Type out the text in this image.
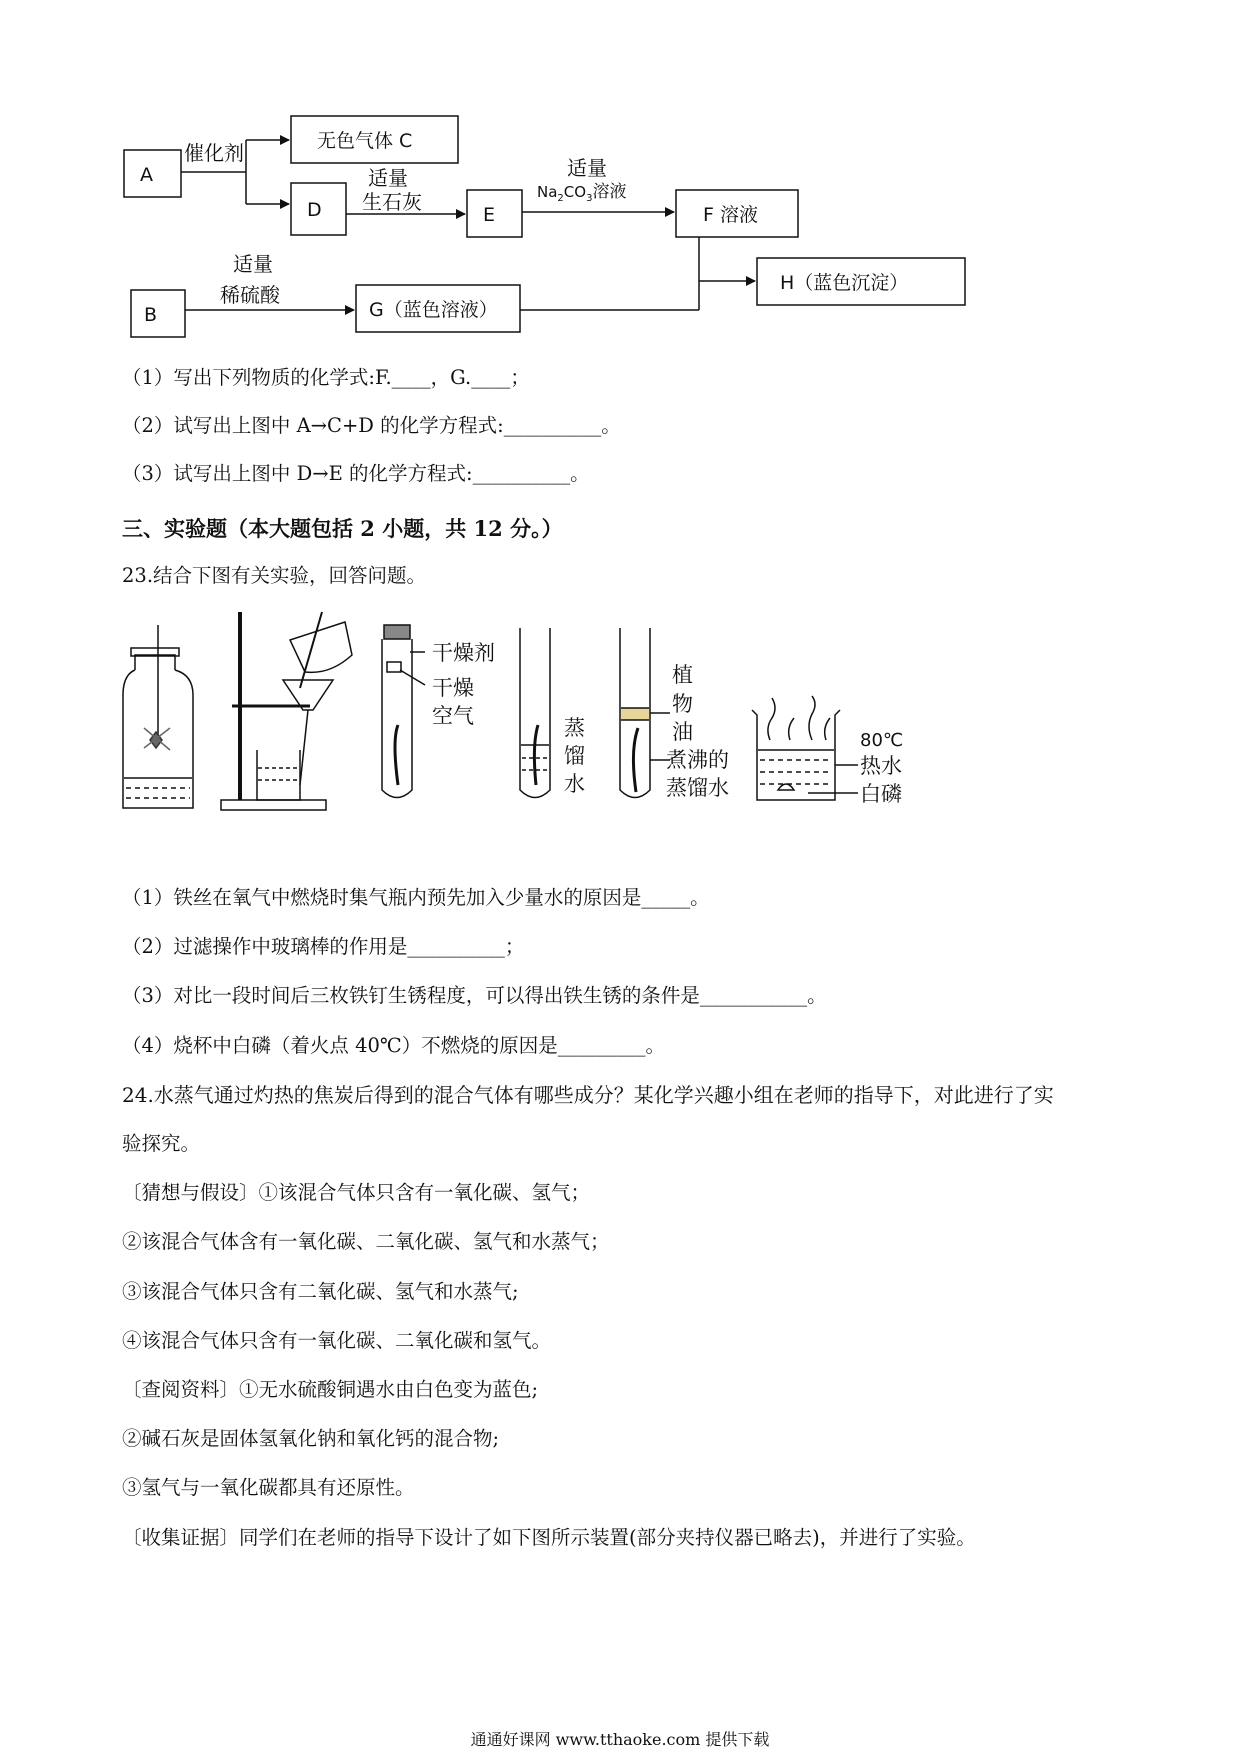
A
无色气体 C
D	E	F 溶液
H（蓝色沉淀）
B	G（蓝色溶液）
催化剂
适量
生石灰
适量
$Na_2CO_3$溶液
适量
稀硫酸
（1）写出下列物质的化学式:F.____，G.____；
（2）试写出上图中 A→C+D 的化学方程式:__________。
（3）试写出上图中 D→E 的化学方程式:__________。
三、实验题（本大题包括 2 小题，共 12 分。）
23.结合下图有关实验，回答问题。
干燥剂
干燥
空气	蒸
馏
水
植
物
油
煮沸的
蒸馏水
80℃
热水
白磷
（1）铁丝在氧气中燃烧时集气瓶内预先加入少量水的原因是_____。
（2）过滤操作中玻璃棒的作用是__________；
（3）对比一段时间后三枚铁钉生锈程度，可以得出铁生锈的条件是___________。
（4）烧杯中白磷（着火点 40℃）不燃烧的原因是_________。
24.水蒸气通过灼热的焦炭后得到的混合气体有哪些成分？某化学兴趣小组在老师的指导下，对此进行了实
验探究。
〔猜想与假设〕①该混合气体只含有一氧化碳、氢气；
②该混合气体含有一氧化碳、二氧化碳、氢气和水蒸气；
③该混合气体只含有二氧化碳、氢气和水蒸气;
④该混合气体只含有一氧化碳、二氧化碳和氢气。
〔查阅资料〕①无水硫酸铜遇水由白色变为蓝色;
②碱石灰是固体氢氧化钠和氧化钙的混合物;
③氢气与一氧化碳都具有还原性。
〔收集证据〕同学们在老师的指导下设计了如下图所示装置(部分夹持仪器已略去)，并进行了实验。
通通好课网 www.tthaoke.com 提供下载
